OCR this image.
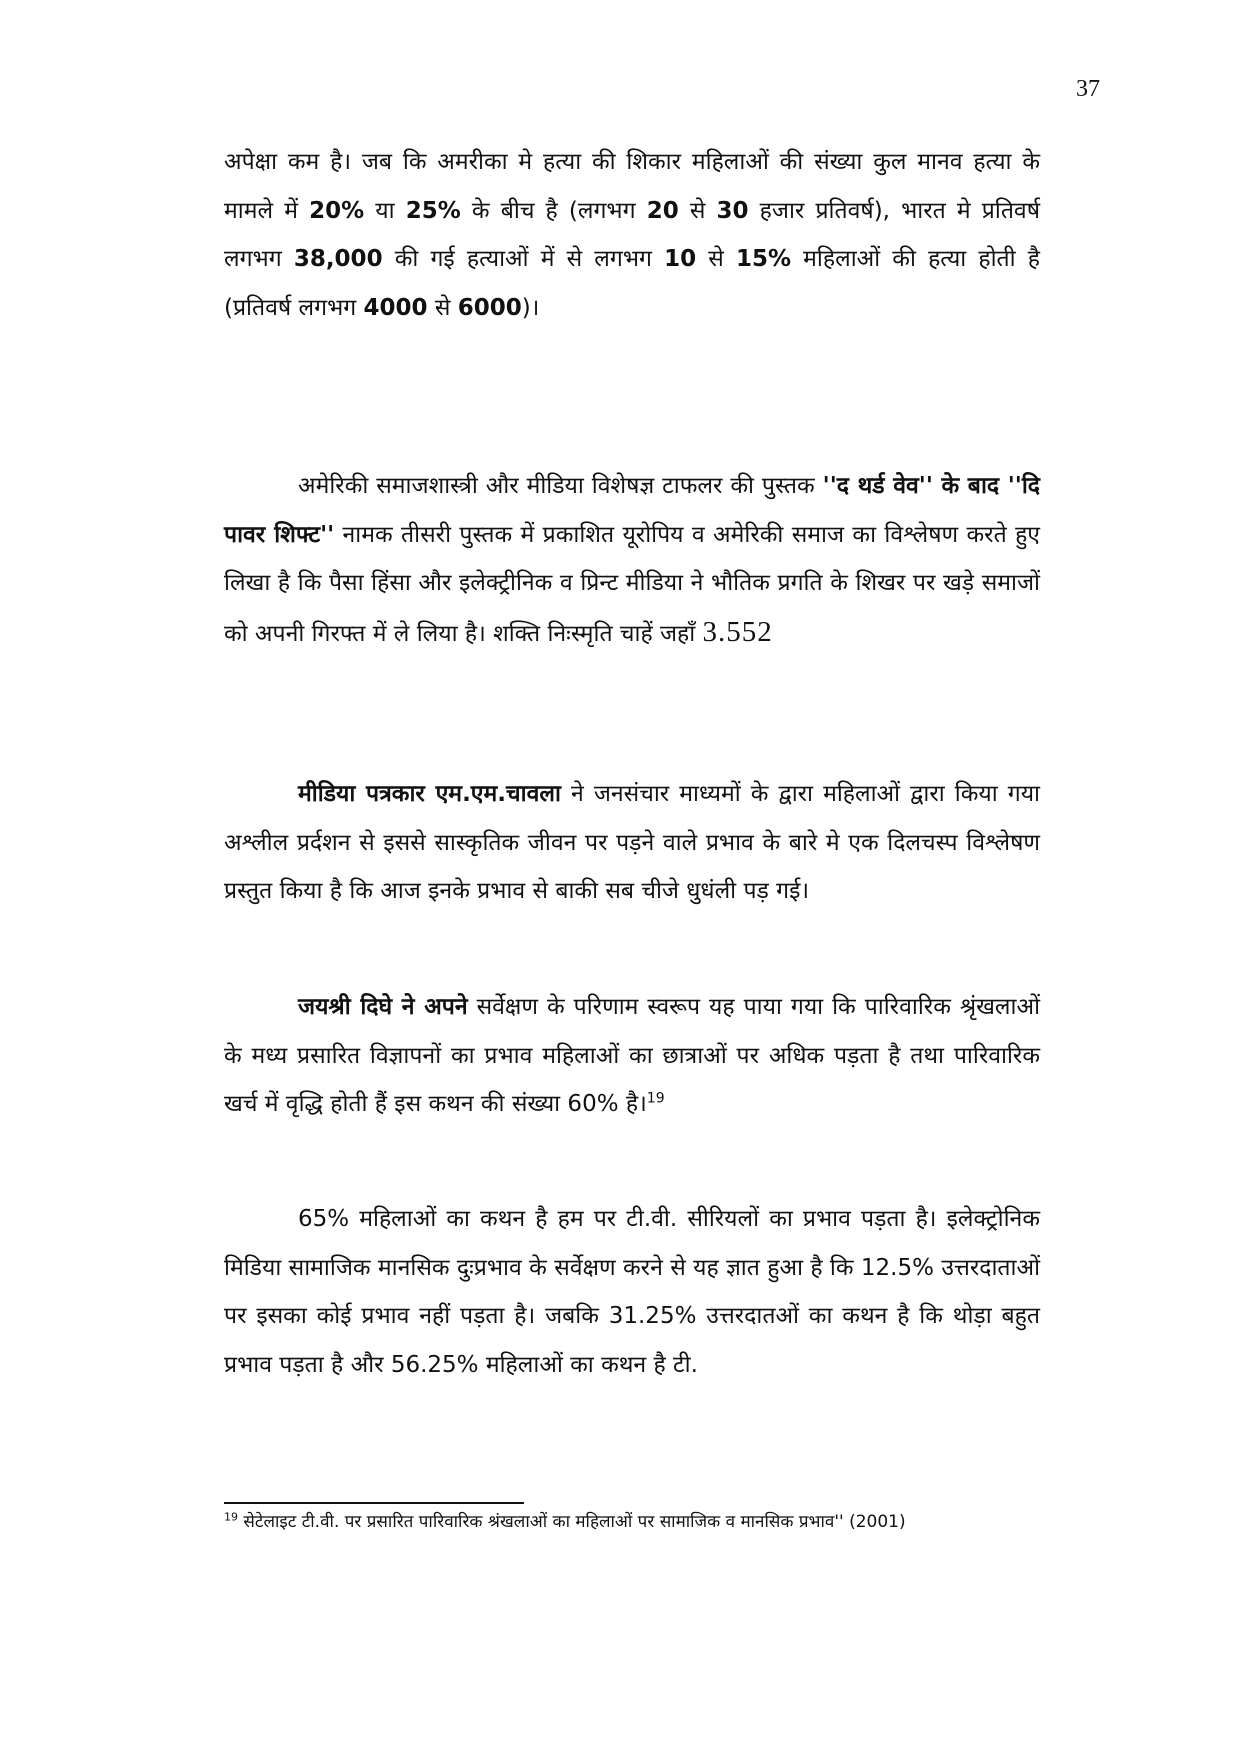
37

अपेक्षा कम है। जब कि अमरीका मे हत्या की शिकार महिलाओं की संख्या कुल मानव हत्या के मामले में 20% या 25% के बीच है (लगभग 20 से 30 हजार प्रतिवर्ष), भारत मे प्रतिवर्ष लगभग 38,000 की गई हत्याओं में से लगभग 10 से 15% महिलाओं की हत्या होती है (प्रतिवर्ष लगभग 4000 से 6000)।

अमेरिकी समाजशास्त्री और मीडिया विशेषज्ञ टाफलर की पुस्तक ''द थर्ड वेव'' के बाद ''दि पावर शिफ्ट'' नामक तीसरी पुस्तक में प्रकाशित यूरोपिय व अमेरिकी समाज का विश्लेषण करते हुए लिखा है कि पैसा हिंसा और इलेक्ट्रीनिक व प्रिन्ट मीडिया ने भौतिक प्रगति के शिखर पर खड़े समाजों को अपनी गिरफ्त में ले लिया है। शक्ति निःस्मृति चाहें जहाँ 3.552

मीडिया पत्रकार एम.एम.चावला ने जनसंचार माध्यमों के द्वारा महिलाओं द्वारा किया गया अश्लील प्रर्दशन से इससे सास्कृतिक जीवन पर पड़ने वाले प्रभाव के बारे मे एक दिलचस्प विश्लेषण प्रस्तुत किया है कि आज इनके प्रभाव से बाकी सब चीजे धुधंली पड़ गई।

जयश्री दिघे ने अपने सर्वेक्षण के परिणाम स्वरूप यह पाया गया कि पारिवारिक श्रृंखलाओं के मध्य प्रसारित विज्ञापनों का प्रभाव महिलाओं का छात्राओं पर अधिक पड़ता है तथा पारिवारिक खर्च में वृद्धि होती हैं इस कथन की संख्या 60% है।$^{19}$

65% महिलाओं का कथन है हम पर टी.वी. सीरियलों का प्रभाव पड़ता है। इलेक्ट्रोनिक मिडिया सामाजिक मानसिक दुःप्रभाव के सर्वेक्षण करने से यह ज्ञात हुआ है कि 12.5% उत्तरदाताओं पर इसका कोई प्रभाव नहीं पड़ता है। जबकि 31.25% उत्तरदातओं का कथन है कि थोड़ा बहुत प्रभाव पड़ता है और 56.25% महिलाओं का कथन है टी.

$^{19}$ सेटेलाइट टी.वी. पर प्रसारित पारिवारिक श्रंखलाओं का महिलाओं पर सामाजिक व मानसिक प्रभाव'' (2001)
